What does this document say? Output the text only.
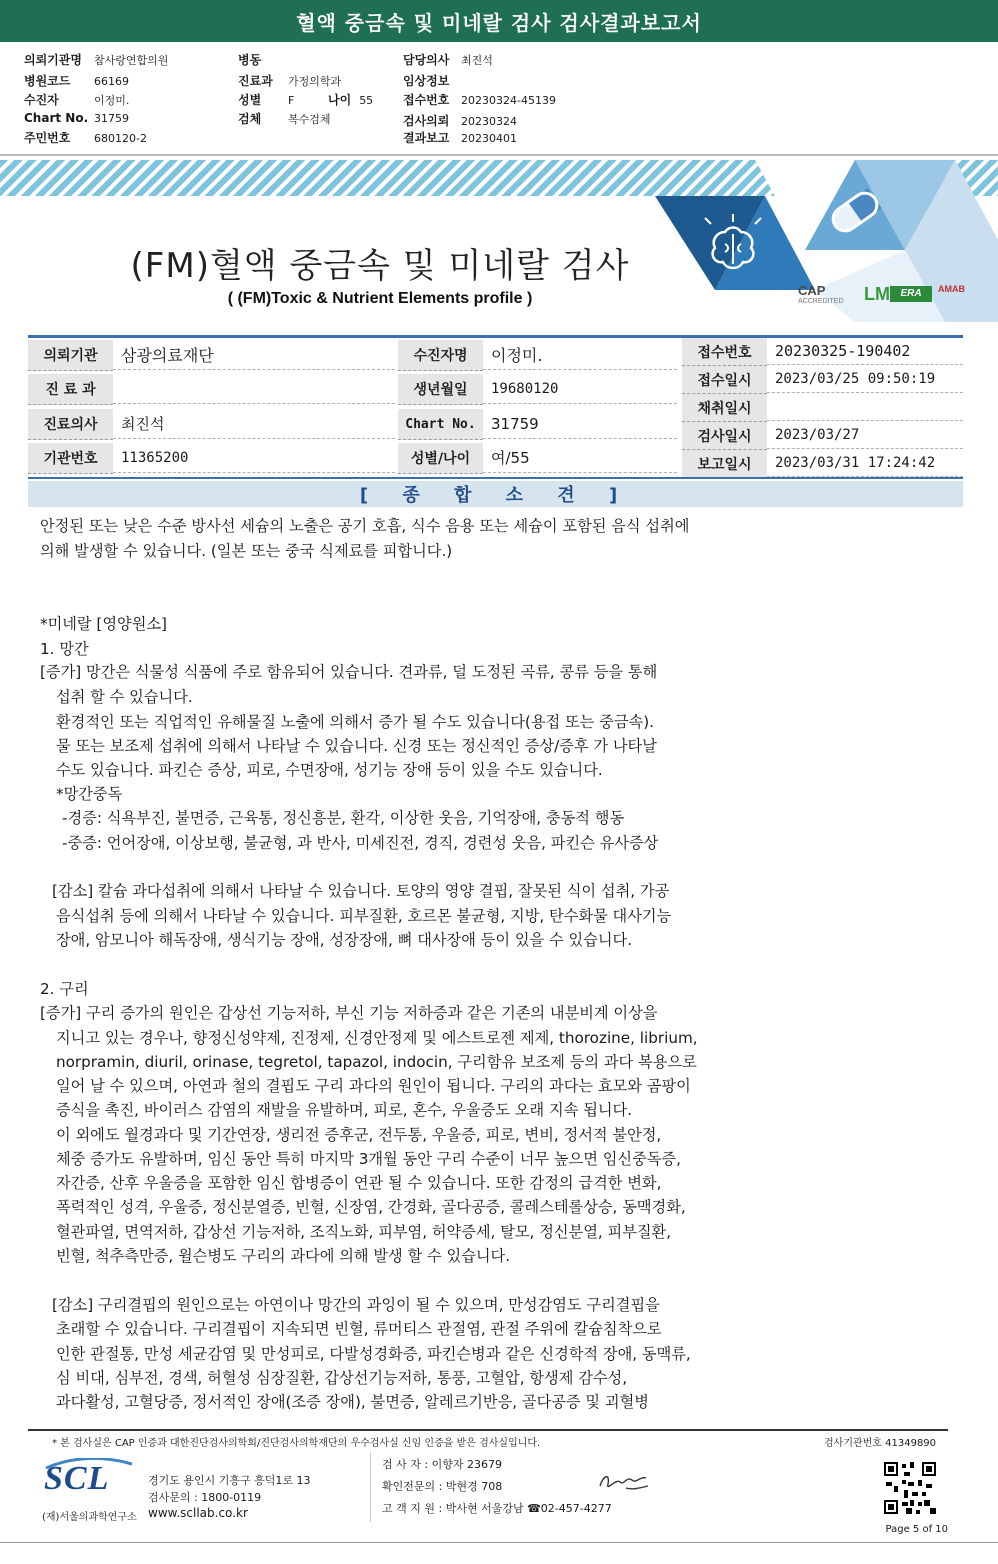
혈액 중금속 및 미네랄 검사 검사결과보고서
의뢰기관명 참사랑연합의원
병원코드 66169
수진자	이정미.
Chart No. 31759
주민번호 680120-2
병동
진료과 가정의학과
성별 F	나이 55
검체 복수검체
담당의사 최진석
임상정보
접수번호 20230324-45139
검사의뢰 20230324
결과보고 20230401
(FM)혈액 중금속 및 미네랄 검사
( (FM)Toxic & Nutrient Elements profile )	CAP
ACCREDITED LM	ERA	AMAB
의뢰기관	삼광의료재단
진 료 과
진료의사	최진석
기관번호	11365200
수진자명	이정미.
생년월일	19680120
Chart No.	31759
성별/나이	여/55
접수번호	20230325-190402
접수일시	2023/03/25 09:50:19
채취일시
검사일시	2023/03/27
보고일시	2023/03/31 17:24:42
[ 종 합 소 견 ]
안정된 또는 낮은 수준 방사선 세슘의 노출은 공기 호흡, 식수 음용 또는 세슘이 포함된 음식 섭취에
의해 발생할 수 있습니다. (일본 또는 중국 식제료를 피합니다.)
*미네랄 [영양원소]
1. 망간
[증가] 망간은 식물성 식품에 주로 함유되어 있습니다. 견과류, 덜 도정된 곡류, 콩류 등을 통해
섭취 할 수 있습니다.
환경적인 또는 직업적인 유해물질 노출에 의해서 증가 될 수도 있습니다(용접 또는 중금속).
물 또는 보조제 섭취에 의해서 나타날 수 있습니다. 신경 또는 정신적인 증상/증후 가 나타날
수도 있습니다. 파킨슨 증상, 피로, 수면장애, 성기능 장애 등이 있을 수도 있습니다.
*망간중독
-경증: 식욕부진, 불면증, 근육통, 정신흥분, 환각, 이상한 웃음, 기억장애, 충동적 행동
-중증: 언어장애, 이상보행, 불균형, 과 반사, 미세진전, 경직, 경련성 웃음, 파킨슨 유사증상
[감소] 칼슘 과다섭취에 의해서 나타날 수 있습니다. 토양의 영양 결핍, 잘못된 식이 섭취, 가공
음식섭취 등에 의해서 나타날 수 있습니다. 피부질환, 호르몬 불균형, 지방, 탄수화물 대사기능
장애, 암모니아 해독장애, 생식기능 장애, 성장장애, 뼈 대사장애 등이 있을 수 있습니다.
2. 구리
[증가] 구리 증가의 원인은 갑상선 기능저하, 부신 기능 저하증과 같은 기존의 내분비계 이상을
지니고 있는 경우나, 향정신성약제, 진정제, 신경안정제 및 에스트로젠 제제, thorozine, librium,
norpramin, diuril, orinase, tegretol, tapazol, indocin, 구리함유 보조제 등의 과다 복용으로
일어 날 수 있으며, 아연과 철의 결핍도 구리 과다의 원인이 됩니다. 구리의 과다는 효모와 곰팡이
증식을 촉진, 바이러스 감염의 재발을 유발하며, 피로, 혼수, 우울증도 오래 지속 됩니다.
이 외에도 월경과다 및 기간연장, 생리전 증후군, 전두통, 우울증, 피로, 변비, 정서적 불안정,
체중 증가도 유발하며, 임신 동안 특히 마지막 3개월 동안 구리 수준이 너무 높으면 임신중독증,
자간증, 산후 우울증을 포함한 임신 합병증이 연관 될 수 있습니다. 또한 감정의 급격한 변화,
폭력적인 성격, 우울증, 정신분열증, 빈혈, 신장염, 간경화, 골다공증, 콜레스테롤상승, 동맥경화,
혈관파열, 면역저하, 갑상선 기능저하, 조직노화, 피부염, 허약증세, 탈모, 정신분열, 피부질환,
빈혈, 척추측만증, 윌슨병도 구리의 과다에 의해 발생 할 수 있습니다.
[감소] 구리결핍의 원인으로는 아연이나 망간의 과잉이 될 수 있으며, 만성감염도 구리결핍을
초래할 수 있습니다. 구리결핍이 지속되면 빈혈, 류머티스 관절염, 관절 주위에 칼슘침착으로
인한 관절통, 만성 세균감염 및 만성피로, 다발성경화증, 파킨슨병과 같은 신경학적 장애, 동맥류,
심 비대, 심부전, 경색, 허혈성 심장질환, 갑상선기능저하, 통풍, 고혈압, 항생제 감수성,
과다활성, 고혈당증, 정서적인 장애(조증 장애), 불면증, 알레르기반응, 골다공증 및 괴혈병
* 본 검사실은 CAP 인증과 대한진단검사의학회/진단검사의학재단의 우수검사실 신임 인증을 받은 검사실입니다.	검사기관번호 41349890
SCL
(재)서울의과학연구소
경기도 용인시 기흥구 흥덕1로 13
검사문의 : 1800-0119
www.scllab.co.kr
검 사 자 : 이향자 23679
확인전문의 : 박현경 708
고 객 지 원 : 박사현 서울강남 ☎02-457-4277
Page 5 of 10
